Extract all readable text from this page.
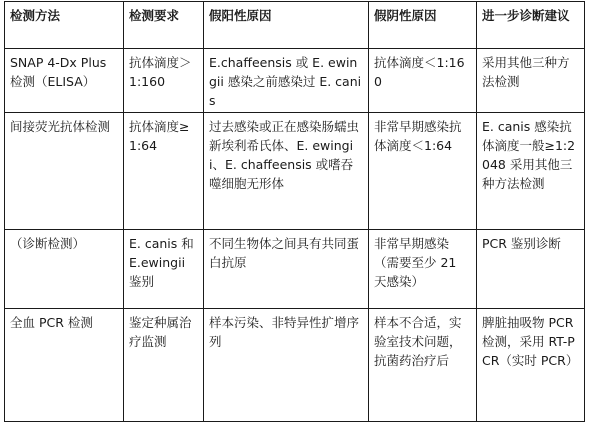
检测方法	检测要求	假阳性原因	假阴性原因	进一步诊断建议
SNAP 4-Dx Plus 检测（ELISA）	抗体滴度＞1:160	E.chaffeensis 或 E. ewingii 感染之前感染过 E. canis	抗体滴度＜1:160	采用其他三种方法检测
间接荧光抗体检测	抗体滴度≥1:64	过去感染或正在感染肠蠕虫新埃利希氏体、E. ewingii、E. chaffeensis 或嗜吞噬细胞无形体	非常早期感染抗体滴度＜1:64	E. canis 感染抗体滴度一般≥1:2048 采用其他三种方法检测
（诊断检测）	E. canis 和 E.ewingii 鉴别	不同生物体之间具有共同蛋白抗原	非常早期感染（需要至少 21 天感染）	PCR 鉴别诊断
全血 PCR 检测	鉴定种属治疗监测	样本污染、非特异性扩增序列	样本不合适，实验室技术问题，抗菌药治疗后	脾脏抽吸物 PCR 检测，采用 RT-PCR（实时 PCR）
